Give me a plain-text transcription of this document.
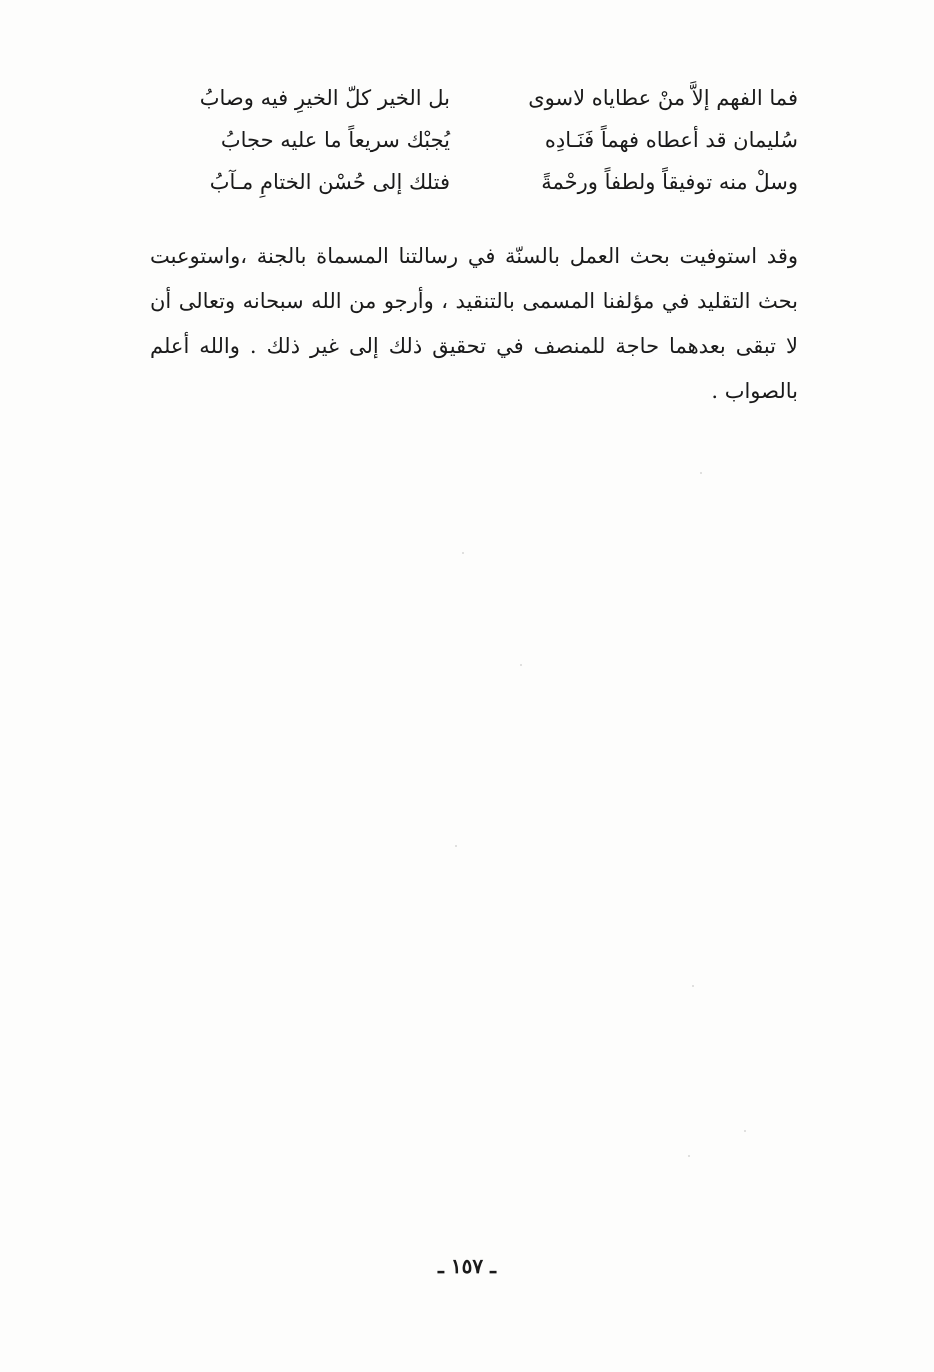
فما الفهم إلاَّ منْ عطاياه لاسوى
بل الخير كلّ الخيرِ فيه وصابُ
سُليمان قد أعطاه فهماً فَنَـادِه
يُجبْك سريعاً ما عليه حجابُ
وسلْ منه توفيقاً ولطفاً ورحْمةً
فتلك إلى حُسْن الختامِ مـآبُ

وقد استوفيت بحث العمل بالسنّة في رسالتنا المسماة بالجنة ،واستوعبت بحث التقليد في مؤلفنا المسمى بالتنقيد ، وأرجو من الله سبحانه وتعالى أن لا تبقى بعدهما حاجة للمنصف في تحقيق ذلك إلى غير ذلك . والله أعلم بالصواب .

ـ ١٥٧ ـ
